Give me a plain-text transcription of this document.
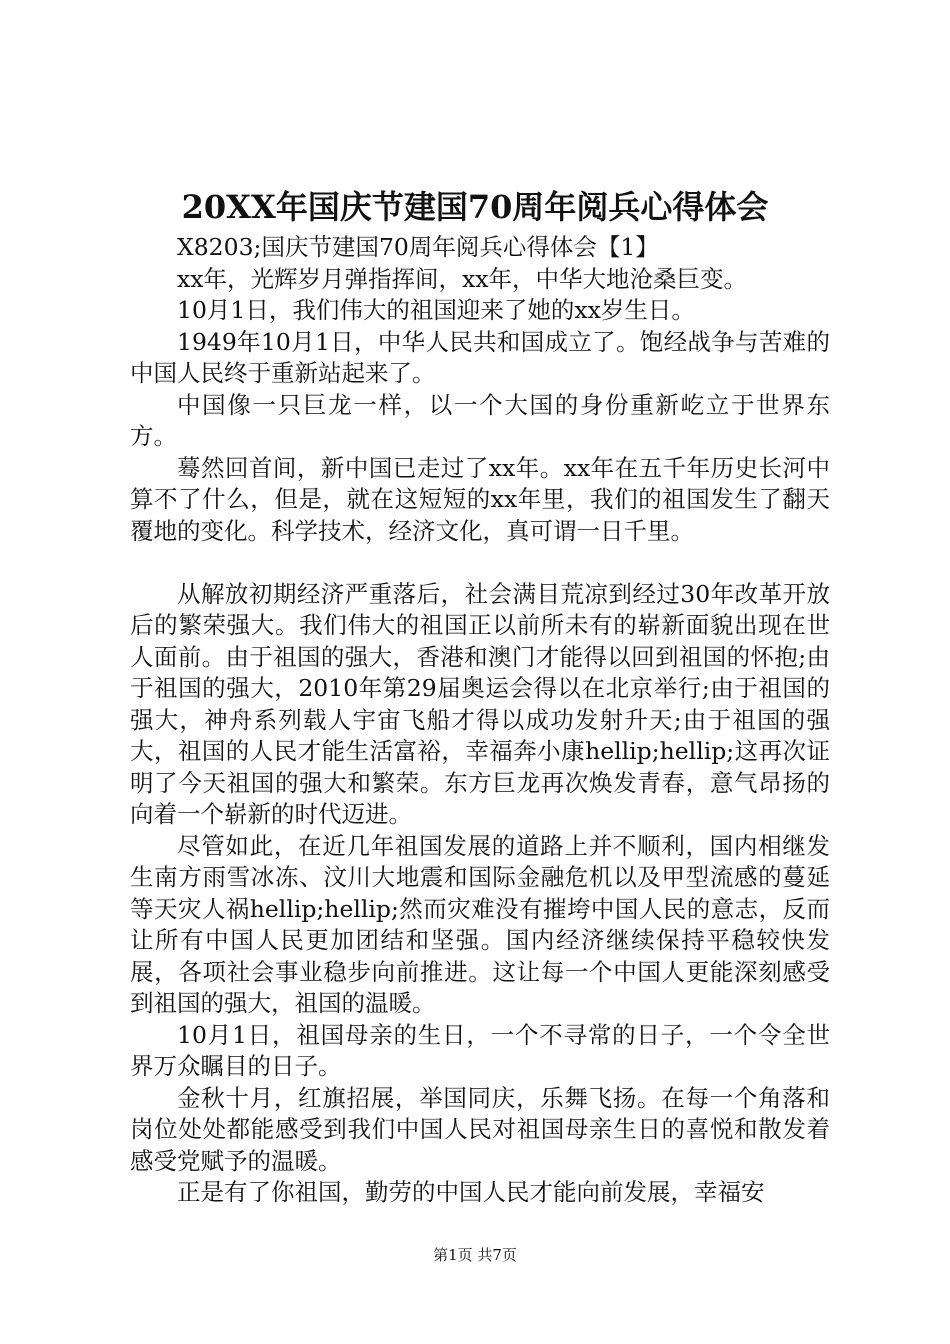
20XX年国庆节建国70周年阅兵心得体会

X8203;国庆节建国70周年阅兵心得体会【1】

xx年，光辉岁月弹指挥间，xx年，中华大地沧桑巨变。

10月1日，我们伟大的祖国迎来了她的xx岁生日。

1949年10月1日，中华人民共和国成立了。饱经战争与苦难的中国人民终于重新站起来了。

中国像一只巨龙一样，以一个大国的身份重新屹立于世界东方。

蓦然回首间，新中国已走过了xx年。xx年在五千年历史长河中算不了什么，但是，就在这短短的xx年里，我们的祖国发生了翻天覆地的变化。科学技术，经济文化，真可谓一日千里。

从解放初期经济严重落后，社会满目荒凉到经过30年改革开放后的繁荣强大。我们伟大的祖国正以前所未有的崭新面貌出现在世人面前。由于祖国的强大，香港和澳门才能得以回到祖国的怀抱;由于祖国的强大，2010年第29届奥运会得以在北京举行;由于祖国的强大，神舟系列载人宇宙飞船才得以成功发射升天;由于祖国的强大，祖国的人民才能生活富裕，幸福奔小康hellip;hellip;这再次证明了今天祖国的强大和繁荣。东方巨龙再次焕发青春，意气昂扬的向着一个崭新的时代迈进。

尽管如此，在近几年祖国发展的道路上并不顺利，国内相继发生南方雨雪冰冻、汶川大地震和国际金融危机以及甲型流感的蔓延等天灾人祸hellip;hellip;然而灾难没有摧垮中国人民的意志，反而让所有中国人民更加团结和坚强。国内经济继续保持平稳较快发展，各项社会事业稳步向前推进。这让每一个中国人更能深刻感受到祖国的强大，祖国的温暖。

10月1日，祖国母亲的生日，一个不寻常的日子，一个令全世界万众瞩目的日子。

金秋十月，红旗招展，举国同庆，乐舞飞扬。在每一个角落和岗位处处都能感受到我们中国人民对祖国母亲生日的喜悦和散发着感受党赋予的温暖。

正是有了你祖国，勤劳的中国人民才能向前发展，幸福安

第1页 共7页
